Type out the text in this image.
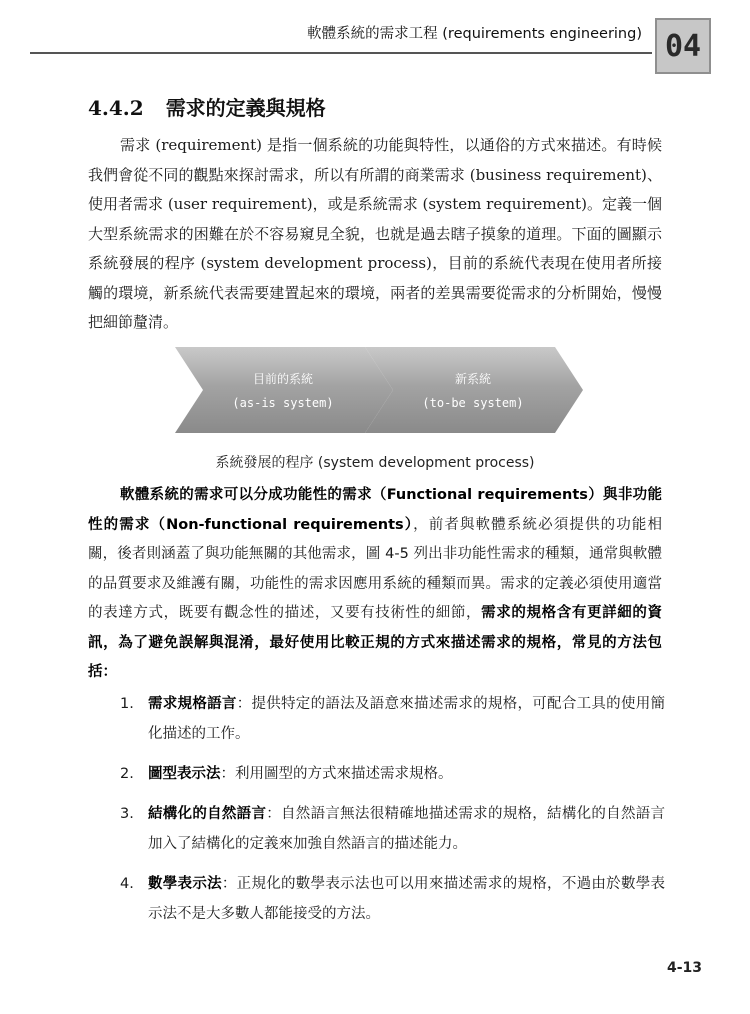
軟體系統的需求工程 (requirements engineering) 04
4.4.2 需求的定義與規格

需求 (requirement) 是指一個系統的功能與特性，以通俗的方式來描述。有時候我們會從不同的觀點來探討需求，所以有所謂的商業需求 (business requirement)、使用者需求 (user requirement)，或是系統需求 (system requirement)。定義一個大型系統需求的困難在於不容易窺見全貌，也就是過去瞎子摸象的道理。下面的圖顯示系統發展的程序 (system development process)，目前的系統代表現在使用者所接觸的環境，新系統代表需要建置起來的環境，兩者的差異需要從需求的分析開始，慢慢把細節釐清。

目前的系統
(as-is system)
新系統
(to-be system)
系統發展的程序 (system development process)

軟體系統的需求可以分成功能性的需求（Functional requirements）與非功能性的需求（Non-functional requirements），前者與軟體系統必須提供的功能相關，後者則涵蓋了與功能無關的其他需求，圖 4-5 列出非功能性需求的種類，通常與軟體的品質要求及維護有關，功能性的需求因應用系統的種類而異。需求的定義必須使用適當的表達方式，既要有觀念性的描述，又要有技術性的細節，需求的規格含有更詳細的資訊，為了避免誤解與混淆，最好使用比較正規的方式來描述需求的規格，常見的方法包括：

1. 需求規格語言：提供特定的語法及語意來描述需求的規格，可配合工具的使用簡化描述的工作。
2. 圖型表示法：利用圖型的方式來描述需求規格。
3. 結構化的自然語言：自然語言無法很精確地描述需求的規格，結構化的自然語言加入了結構化的定義來加強自然語言的描述能力。
4. 數學表示法：正規化的數學表示法也可以用來描述需求的規格，不過由於數學表示法不是大多數人都能接受的方法。
4-13
